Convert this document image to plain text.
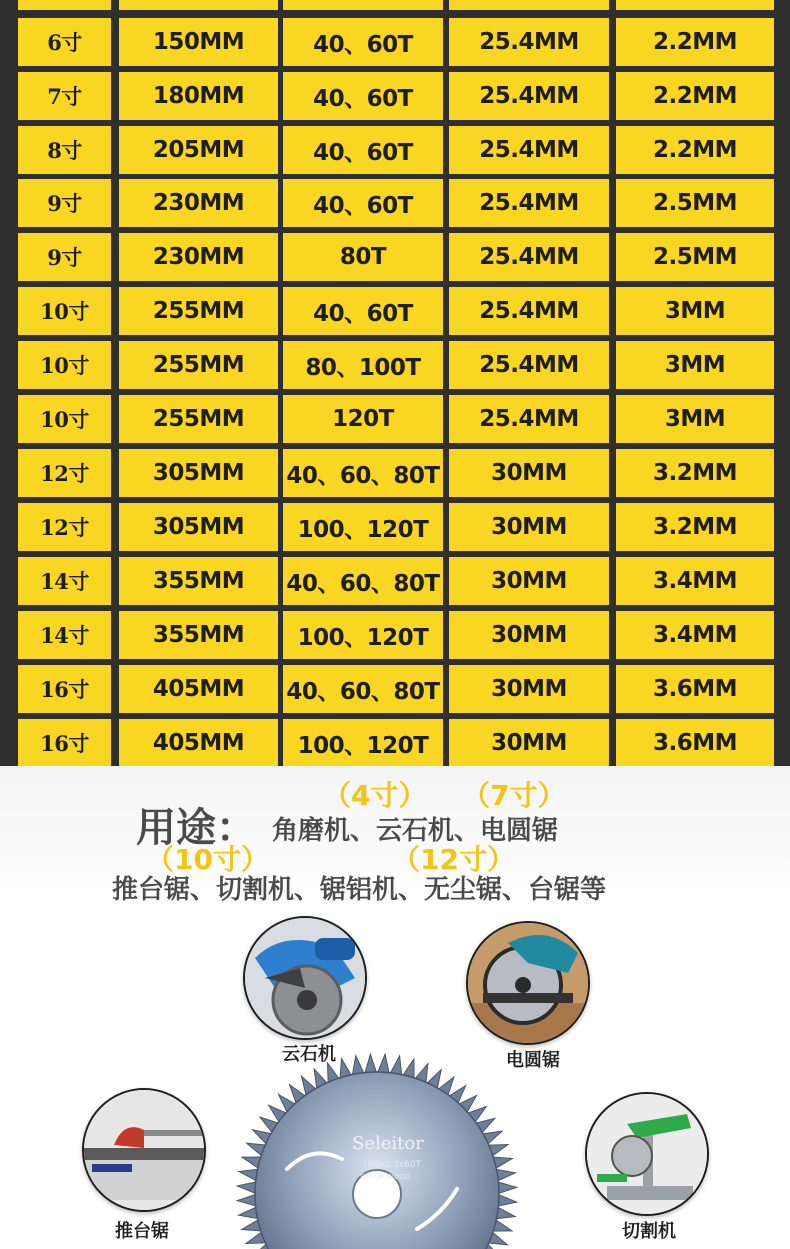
6寸	150MM	40、60T	25.4MM	2.2MM
7寸	180MM	40、60T	25.4MM	2.2MM
8寸	205MM	40、60T	25.4MM	2.2MM
9寸	230MM	40、60T	25.4MM	2.5MM
9寸	230MM	80T	25.4MM	2.5MM
10寸	255MM	40、60T	25.4MM	3MM
10寸	255MM	80、100T	25.4MM	3MM
10寸	255MM	120T	25.4MM	3MM
12寸	305MM	40、60、80T	30MM	3.2MM
12寸	305MM	100、120T	30MM	3.2MM
14寸	355MM	40、60、80T	30MM	3.4MM
14寸	355MM	100、120T	30MM	3.4MM
16寸	405MM	40、60、80T	30MM	3.6MM
16寸	405MM	100、120T	30MM	3.6MM
用途：
（4寸） （7寸）
角磨机、云石机、电圆锯
（10寸）	（12寸）
推台锯、切割机、锯铝机、无尘锯、台锯等
云石机	电圆锯
推台锯	切割机
Seleitor
180x2.3x60T
SLT-180WOOD
